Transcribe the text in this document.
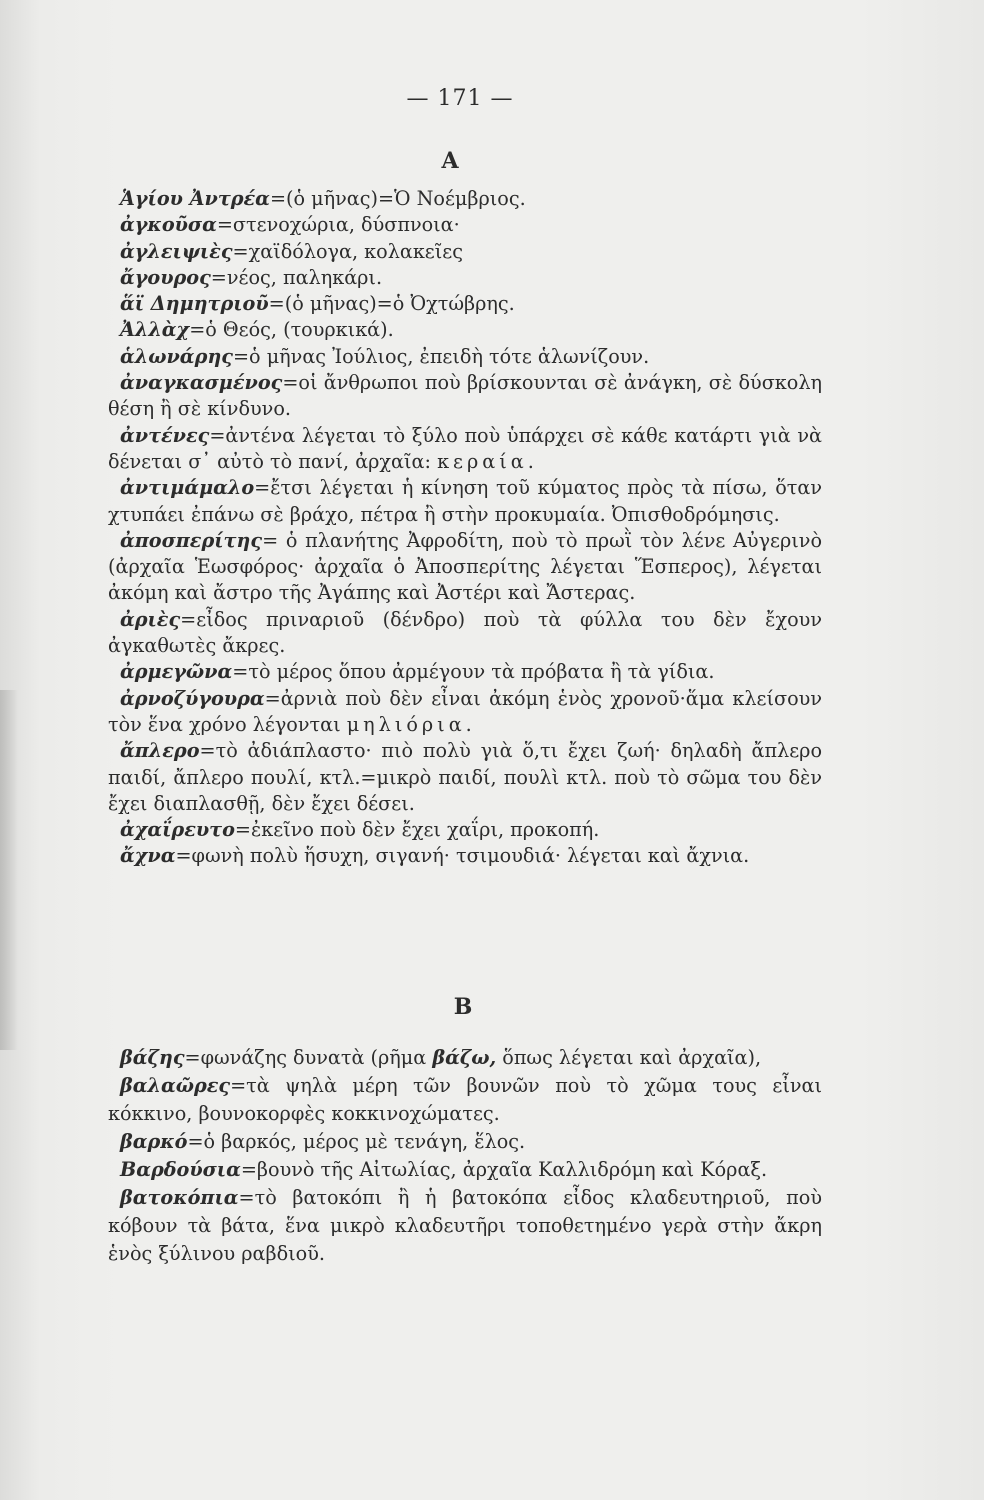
— 171 —
Α

Ἁγίου Ἀντρέα=(ὁ μῆνας)=Ὁ Νοέμβριος.

ἀγκοῦσα=στενοχώρια, δύσπνοια·

ἀγλειψιὲς=χαϊδόλογα, κολακεῖες

ἄγουρος=νέος, παληκάρι.

ἅϊ Δημητριοῦ=(ὁ μῆνας)=ὁ Ὀχτώβρης.

Ἀλλὰχ=ὁ Θεός, (τουρκικά).

ἁλωνάρης=ὁ μῆνας Ἰούλιος, ἐπειδὴ τότε ἁλωνίζουν.

ἀναγκασμένος=οἱ ἄνθρωποι ποὺ βρίσκουνται σὲ ἀνάγκη, σὲ δύσκολη θέση ἢ σὲ κίνδυνο.

ἀντένες=ἀντένα λέγεται τὸ ξύλο ποὺ ὑπάρχει σὲ κάθε κατάρτι γιὰ νὰ δένεται σ᾽ αὐτὸ τὸ πανί, ἀρχαῖα: κεραία.

ἀντιμάμαλο=ἔτσι λέγεται ἡ κίνηση τοῦ κύματος πρὸς τὰ πίσω, ὅταν χτυπάει ἐπάνω σὲ βράχο, πέτρα ἢ στὴν προκυμαία. Ὀπισθοδρόμησις.

ἀποσπερίτης= ὁ πλανήτης Ἀφροδίτη, ποὺ τὸ πρωῒ τὸν λένε Αὐγερινὸ (ἀρχαῖα Ἑωσφόρος· ἀρχαῖα ὁ Ἀποσπερίτης λέγεται Ἕσπερος), λέγεται ἀκόμη καὶ ἄστρο τῆς Ἀγάπης καὶ Ἀστέρι καὶ Ἄστερας.

ἀριὲς=εἶδος πριναριοῦ (δένδρο) ποὺ τὰ φύλλα του δὲν ἔχουν ἀγκαθωτὲς ἄκρες.

ἀρμεγῶνα=τὸ μέρος ὅπου ἀρμέγουν τὰ πρόβατα ἢ τὰ γίδια.

ἀρνοζύγουρα=ἀρνιὰ ποὺ δὲν εἶναι ἀκόμη ἑνὸς χρονοῦ·ἅμα κλείσουν τὸν ἕνα χρόνο λέγονται μηλιόρια.

ἄπλερο=τὸ ἀδιάπλαστο· πιὸ πολὺ γιὰ ὅ,τι ἔχει ζωή· δηλαδὴ ἄπλερο παιδί, ἄπλερο πουλί, κτλ.=μικρὸ παιδί, πουλὶ κτλ. ποὺ τὸ σῶμα του δὲν ἔχει διαπλασθῇ, δὲν ἔχει δέσει.

ἀχαΐρευτο=ἐκεῖνο ποὺ δὲν ἔχει χαΐρι, προκοπή.

ἄχνα=φωνὴ πολὺ ἥσυχη, σιγανή· τσιμουδιά· λέγεται καὶ ἄχνια.

Β

βάζης=φωνάζης δυνατὰ (ρῆμα βάζω, ὅπως λέγεται καὶ ἀρχαῖα),

βαλαῶρες=τὰ ψηλὰ μέρη τῶν βουνῶν ποὺ τὸ χῶμα τους εἶναι κόκκινο, βουνοκορφὲς κοκκινοχώματες.

βαρκό=ὁ βαρκός, μέρος μὲ τενάγη, ἕλος.

Βαρδούσια=βουνὸ τῆς Αἰτωλίας, ἀρχαῖα Καλλιδρόμη καὶ Κόραξ.

βατοκόπια=τὸ βατοκόπι ἢ ἡ βατοκόπα εἶδος κλαδευτηριοῦ, ποὺ κόβουν τὰ βάτα, ἕνα μικρὸ κλαδευτῆρι τοποθετημένο γερὰ στὴν ἄκρη ἑνὸς ξύλινου ραβδιοῦ.
